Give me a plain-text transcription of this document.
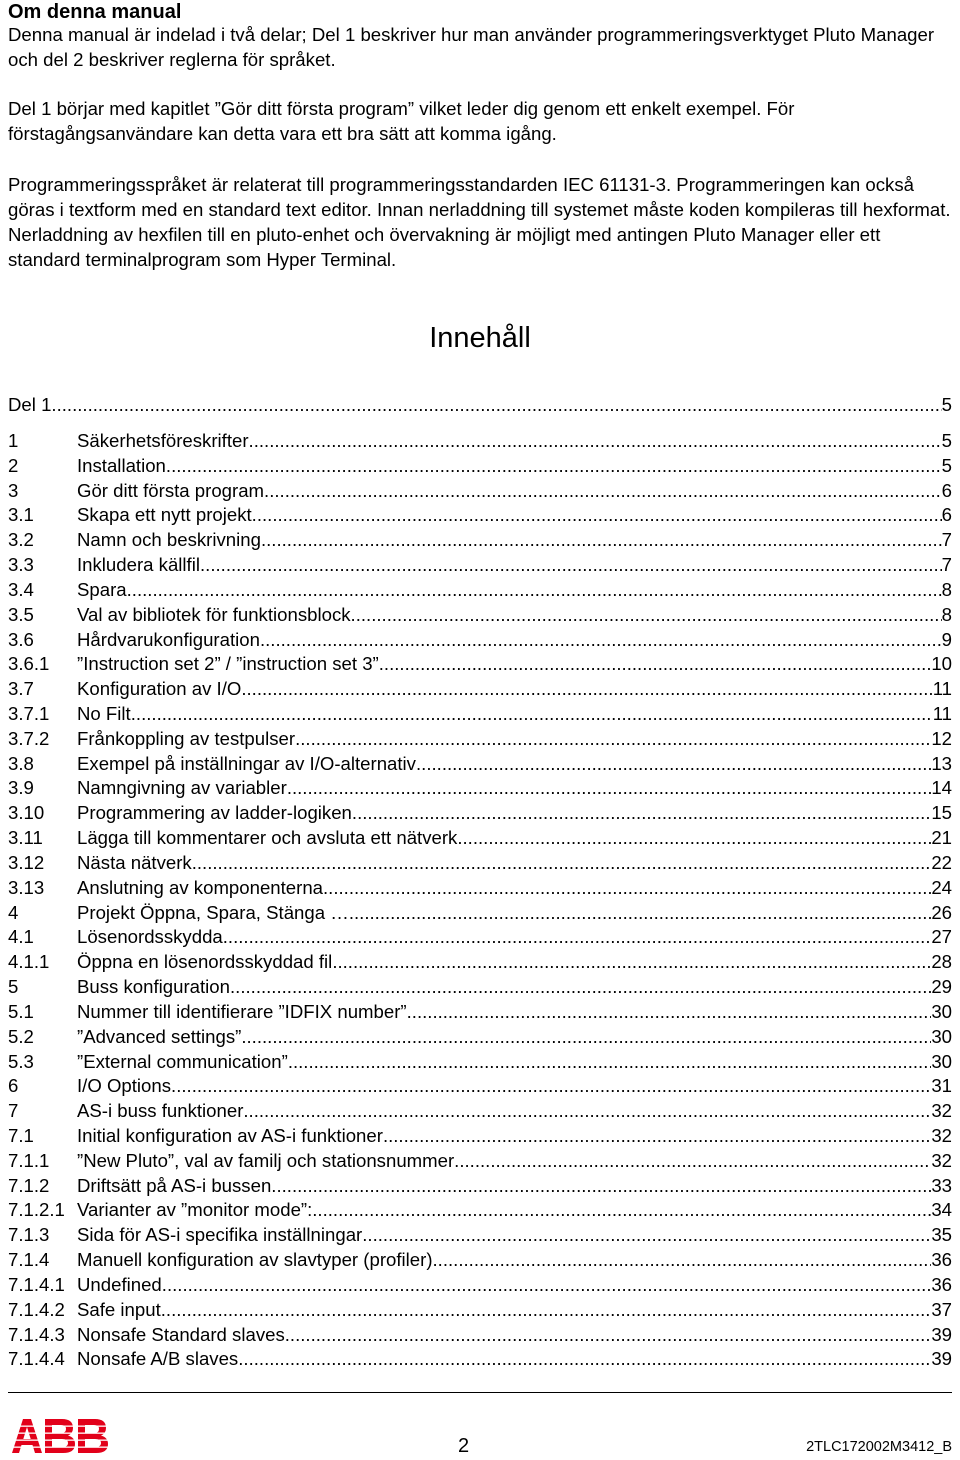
Om denna manual

Denna manual är indelad i två delar; Del 1 beskriver hur man använder programmeringsverktyget Pluto Manager och del 2 beskriver reglerna för språket.

Del 1 börjar med kapitlet ”Gör ditt första program” vilket leder dig genom ett enkelt exempel. För förstagångsanvändare kan detta vara ett bra sätt att komma igång.

Programmeringsspråket är relaterat till programmeringsstandarden IEC 61131-3. Programmeringen kan också göras i textform med en standard text editor. Innan nerladdning till systemet måste koden kompileras till hexformat. Nerladdning av hexfilen till en pluto-enhet och övervakning är möjligt med antingen Pluto Manager eller ett standard terminalprogram som Hyper Terminal.

Innehåll
Del 1 .....	5
1	Säkerhetsföreskrifter .....	5
2	Installation .....	5
3	Gör ditt första program .....	6
3.1	Skapa ett nytt projekt .....	6
3.2	Namn och beskrivning .....	7
3.3	Inkludera källfil .....	7
3.4	Spara .....	8
3.5	Val av bibliotek för funktionsblock .....	8
3.6	Hårdvarukonfiguration .....	9
3.6.1	”Instruction set 2” / ”instruction set 3” .....	10
3.7	Konfiguration av I/O .....	11
3.7.1	No Filt .....	11
3.7.2	Frånkoppling av testpulser .....	12
3.8	Exempel på inställningar av I/O-alternativ .....	13
3.9	Namngivning av variabler .....	14
3.10	Programmering av ladder-logiken .....	15
3.11	Lägga till kommentarer och avsluta ett nätverk .....	21
3.12	Nästa nätverk .....	22
3.13	Anslutning av komponenterna .....	24
4	Projekt Öppna, Spara, Stänga … .....	26
4.1	Lösenordsskydda .....	27
4.1.1	Öppna en lösenordsskyddad fil .....	28
5	Buss konfiguration .....	29
5.1	Nummer till identifierare ”IDFIX number” .....	30
5.2	”Advanced settings” .....	30
5.3	”External communication” .....	30
6	I/O Options .....	31
7	AS-i buss funktioner .....	32
7.1	Initial konfiguration av AS-i funktioner .....	32
7.1.1	”New Pluto”, val av familj och stationsnummer .....	32
7.1.2	Driftsätt på AS-i bussen .....	33
7.1.2.1 Varianter av ”monitor mode”: .....	34
7.1.3	Sida för AS-i specifika inställningar .....	35
7.1.4	Manuell konfiguration av slavtyper (profiler) .....	36
7.1.4.1 Undefined .....	36
7.1.4.2 Safe input .....	37
7.1.4.3 Nonsafe Standard slaves .....	39
7.1.4.4 Nonsafe A/B slaves .....	39
2	2TLC172002M3412_B
